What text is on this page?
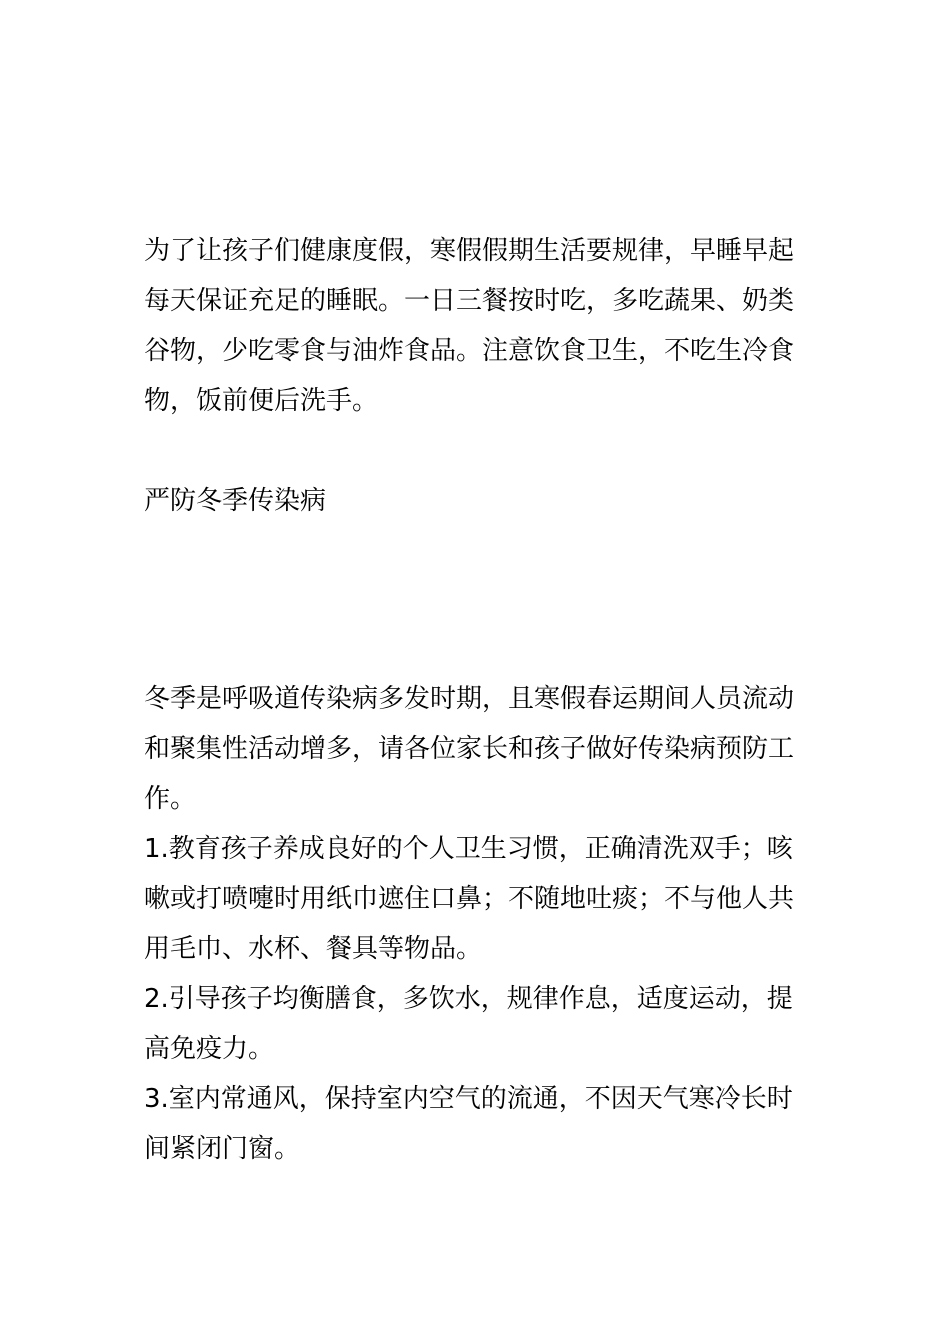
为了让孩子们健康度假，寒假假期生活要规律，早睡早起每天保证充足的睡眠。一日三餐按时吃，多吃蔬果、奶类谷物，少吃零食与油炸食品。注意饮食卫生，不吃生冷食物，饭前便后洗手。

严防冬季传染病

冬季是呼吸道传染病多发时期，且寒假春运期间人员流动和聚集性活动增多，请各位家长和孩子做好传染病预防工作。

1.教育孩子养成良好的个人卫生习惯，正确清洗双手；咳嗽或打喷嚏时用纸巾遮住口鼻；不随地吐痰；不与他人共用毛巾、水杯、餐具等物品。

2.引导孩子均衡膳食，多饮水，规律作息，适度运动，提高免疫力。

3.室内常通风，保持室内空气的流通，不因天气寒冷长时间紧闭门窗。
